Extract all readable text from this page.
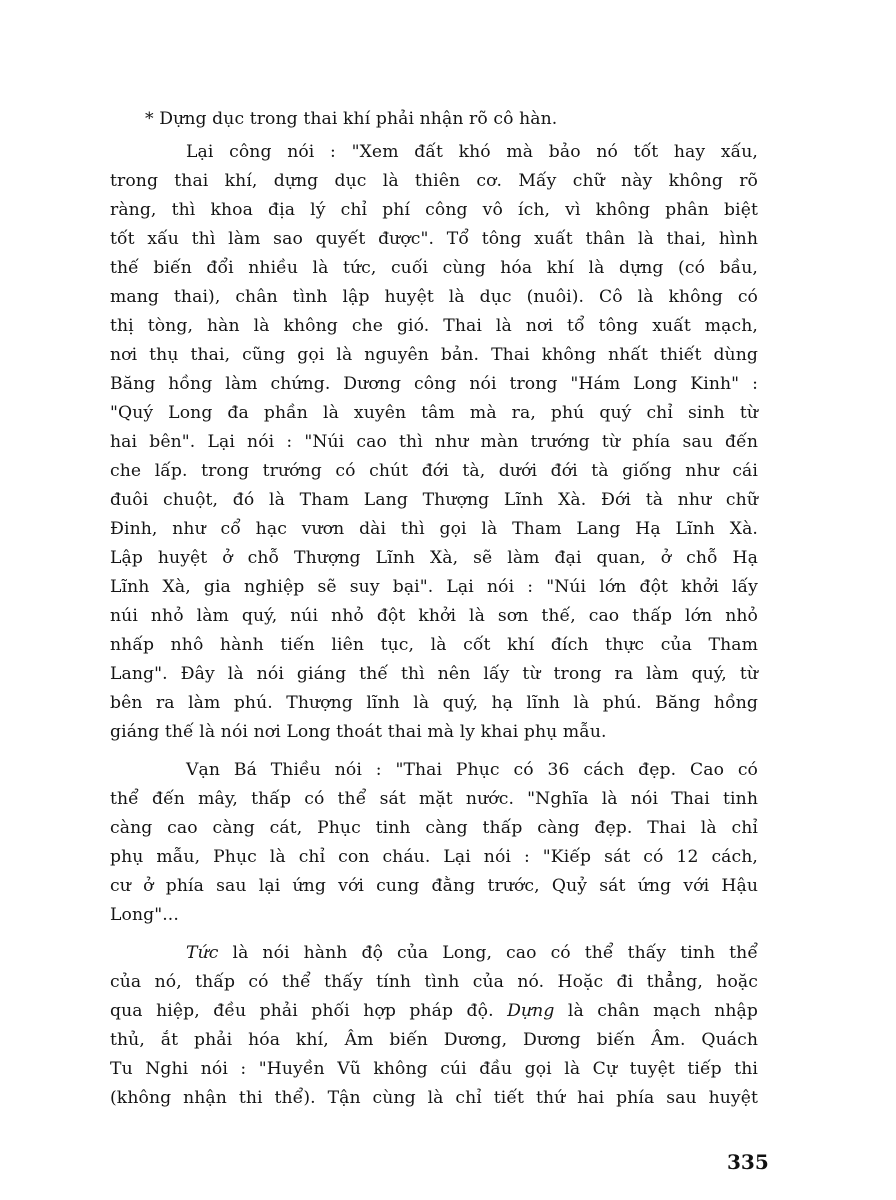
* Dựng dục trong thai khí phải nhận rõ cô hàn.
Lại công nói : "Xem đất khó mà bảo nó tốt hay xấu,
trong thai khí, dựng dục là thiên cơ. Mấy chữ này không rõ
ràng, thì khoa địa lý chỉ phí công vô ích, vì không phân biệt
tốt xấu thì làm sao quyết được". Tổ tông xuất thân là thai, hình
thế biến đổi nhiều là tức, cuối cùng hóa khí là dựng (có bầu,
mang thai), chân tình lập huyệt là dục (nuôi). Cô là không có
thị tòng, hàn là không che gió. Thai là nơi tổ tông xuất mạch,
nơi thụ thai, cũng gọi là nguyên bản. Thai không nhất thiết dùng
Băng hồng làm chứng. Dương công nói trong "Hám Long Kinh" :
"Quý Long đa phần là xuyên tâm mà ra, phú quý chỉ sinh từ
hai bên". Lại nói : "Núi cao thì như màn trướng từ phía sau đến
che lấp. trong trướng có chút đới tà, dưới đới tà giống như cái
đuôi chuột, đó là Tham Lang Thượng Lĩnh Xà. Đới tà như chữ
Đinh, như cổ hạc vươn dài thì gọi là Tham Lang Hạ Lĩnh Xà.
Lập huyệt ở chỗ Thượng Lĩnh Xà, sẽ làm đại quan, ở chỗ Hạ
Lĩnh Xà, gia nghiệp sẽ suy bại". Lại nói : "Núi lớn đột khởi lấy
núi nhỏ làm quý, núi nhỏ đột khởi là sơn thế, cao thấp lớn nhỏ
nhấp nhô hành tiến liên tục, là cốt khí đích thực của Tham
Lang". Đây là nói giáng thế thì nên lấy từ trong ra làm quý, từ
bên ra làm phú. Thượng lĩnh là quý, hạ lĩnh là phú. Băng hồng
giáng thế là nói nơi Long thoát thai mà ly khai phụ mẫu.
Vạn Bá Thiều nói : "Thai Phục có 36 cách đẹp. Cao có
thể đến mây, thấp có thể sát mặt nước. "Nghĩa là nói Thai tinh
càng cao càng cát, Phục tinh càng thấp càng đẹp. Thai là chỉ
phụ mẫu, Phục là chỉ con cháu. Lại nói : "Kiếp sát có 12 cách,
cư ở phía sau lại ứng với cung đằng trước, Quỷ sát ứng với Hậu
Long"...
Tức là nói hành độ của Long, cao có thể thấy tinh thể
của nó, thấp có thể thấy tính tình của nó. Hoặc đi thẳng, hoặc
qua hiệp, đều phải phối hợp pháp độ. Dựng là chân mạch nhập
thủ, ắt phải hóa khí, Âm biến Dương, Dương biến Âm. Quách
Tu Nghi nói : "Huyền Vũ không cúi đầu gọi là Cự tuyệt tiếp thi
(không nhận thi thể). Tận cùng là chỉ tiết thứ hai phía sau huyệt
335
